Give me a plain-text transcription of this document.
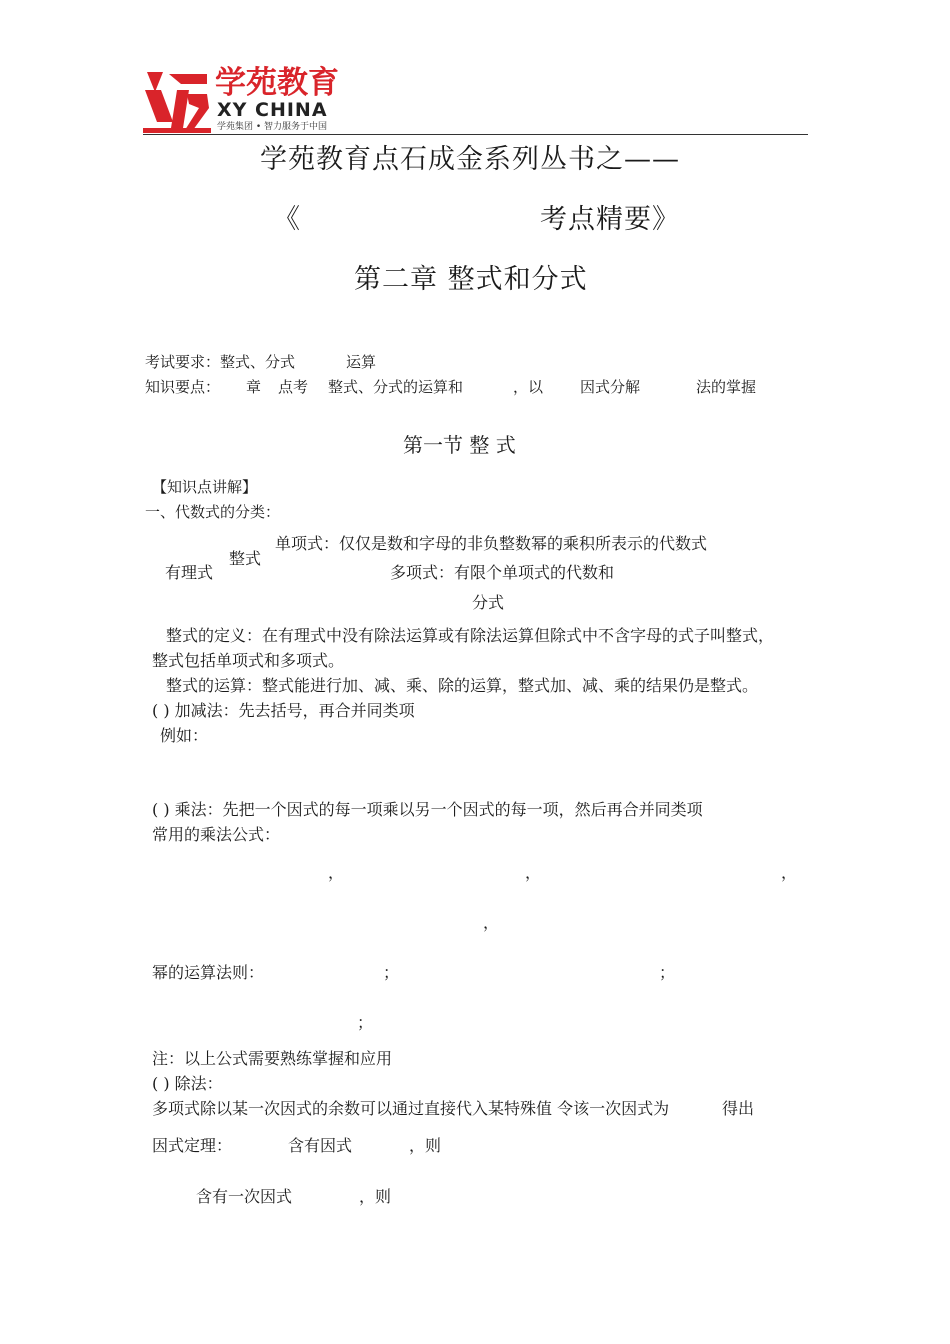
学苑教育
XY CHINA
学苑集团 • 智力服务于中国
学苑教育点石成金系列丛书之——
《	考点精要》
第二章 整式和分式
考试要求：整式、分式	运算
知识要点： 章 点考 整式、分式的运算和	，以 因式分解	法的掌握
第一节 整 式
【知识点讲解】
一、代数式的分类：
单项式：仅仅是数和字母的非负整数幂的乘积所表示的代数式
整式
有理式	多项式：有限个单项式的代数和
分式
整式的定义：在有理式中没有除法运算或有除法运算但除式中不含字母的式子叫整式，
整式包括单项式和多项式。
整式的运算：整式能进行加、减、乘、除的运算，整式加、减、乘的结果仍是整式。
( ) 加减法：先去括号，再合并同类项
例如：
( ) 乘法：先把一个因式的每一项乘以另一个因式的每一项，然后再合并同类项
常用的乘法公式：
，	，	，
，
幂的运算法则：	；	；
；
注：以上公式需要熟练掌握和应用
( ) 除法：
多项式除以某一次因式的余数可以通过直接代入某特殊值 令该一次因式为	得出
因式定理：	含有因式	，则
含有一次因式	，则
